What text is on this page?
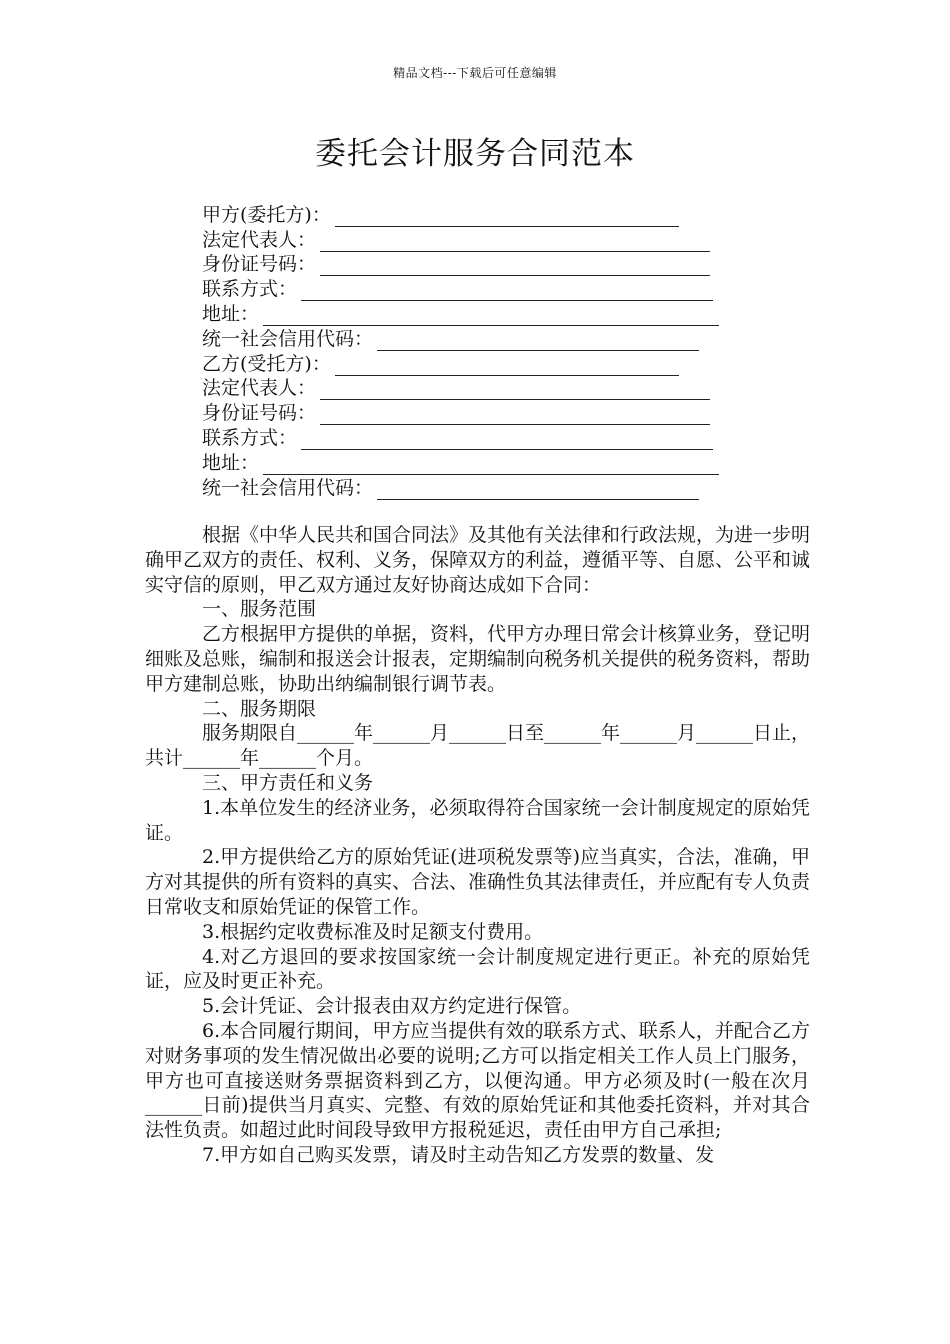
精品文档---下载后可任意编辑
委托会计服务合同范本
甲方(委托方)：
法定代表人：
身份证号码：
联系方式：
地址：
统一社会信用代码：
乙方(受托方)：
法定代表人：
身份证号码：
联系方式：
地址：
统一社会信用代码：

根据《中华人民共和国合同法》及其他有关法律和行政法规，为进一步明确甲乙双方的责任、权利、义务，保障双方的利益，遵循平等、自愿、公平和诚实守信的原则，甲乙双方通过友好协商达成如下合同：

一、服务范围

乙方根据甲方提供的单据，资料，代甲方办理日常会计核算业务，登记明细账及总账，编制和报送会计报表，定期编制向税务机关提供的税务资料，帮助甲方建制总账，协助出纳编制银行调节表。

二、服务期限

服务期限自______年______月______日至______年______月______日止，共计______年______个月。

三、甲方责任和义务

1.本单位发生的经济业务，必须取得符合国家统一会计制度规定的原始凭证。

2.甲方提供给乙方的原始凭证(进项税发票等)应当真实，合法，准确，甲方对其提供的所有资料的真实、合法、准确性负其法律责任，并应配有专人负责日常收支和原始凭证的保管工作。

3.根据约定收费标准及时足额支付费用。

4.对乙方退回的要求按国家统一会计制度规定进行更正。补充的原始凭证，应及时更正补充。

5.会计凭证、会计报表由双方约定进行保管。

6.本合同履行期间，甲方应当提供有效的联系方式、联系人，并配合乙方对财务事项的发生情况做出必要的说明;乙方可以指定相关工作人员上门服务，甲方也可直接送财务票据资料到乙方，以便沟通。甲方必须及时(一般在次月______日前)提供当月真实、完整、有效的原始凭证和其他委托资料，并对其合法性负责。如超过此时间段导致甲方报税延迟，责任由甲方自己承担;

7.甲方如自己购买发票，请及时主动告知乙方发票的数量、发
